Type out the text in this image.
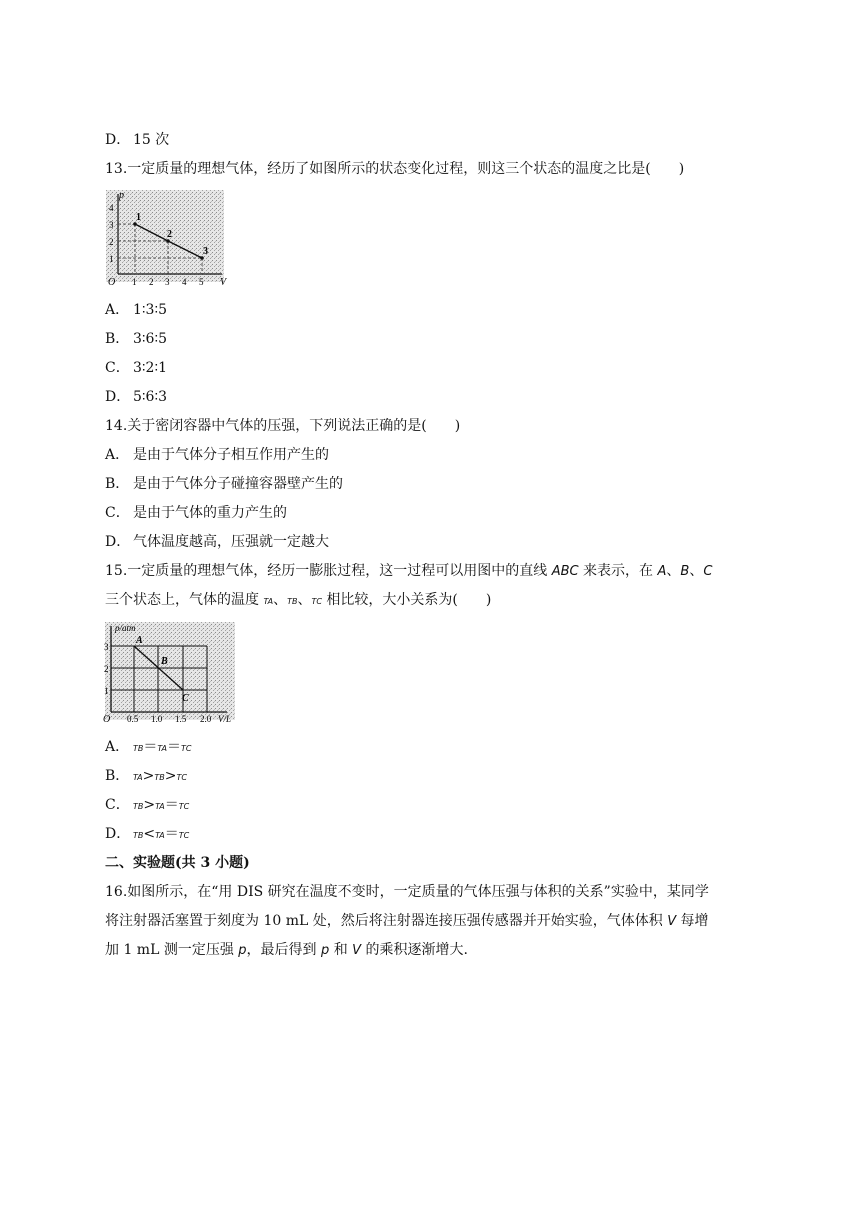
D． 15 次
13.一定质量的理想气体，经历了如图所示的状态变化过程，则这三个状态的温度之比是(　　)
p
V
O
1
2
3
4
1 2 3 4 5
1
2
3
A． 1∶3∶5
B． 3∶6∶5
C． 3∶2∶1
D． 5∶6∶3
14.关于密闭容器中气体的压强，下列说法正确的是(　　)
A． 是由于气体分子相互作用产生的
B． 是由于气体分子碰撞容器壁产生的
C． 是由于气体的重力产生的
D． 气体温度越高，压强就一定越大
15.一定质量的理想气体，经历一膨胀过程，这一过程可以用图中的直线 ABC 来表示，在 A、B、C
三个状态上，气体的温度 TA、TB、TC 相比较，大小关系为(　　)
p/atm
V/L
O
1
2
3
0.5 1.0 1.5 2.0
A
B
C
A． TB＝TA＝TC
B． TA>TB>TC
C． TB>TA＝TC
D． TB<TA＝TC
二、实验题(共 3 小题)
16.如图所示，在“用 DIS 研究在温度不变时，一定质量的气体压强与体积的关系”实验中，某同学
将注射器活塞置于刻度为 10 mL 处，然后将注射器连接压强传感器并开始实验，气体体积 V 每增
加 1 mL 测一定压强 p，最后得到 p 和 V 的乘积逐渐增大.
